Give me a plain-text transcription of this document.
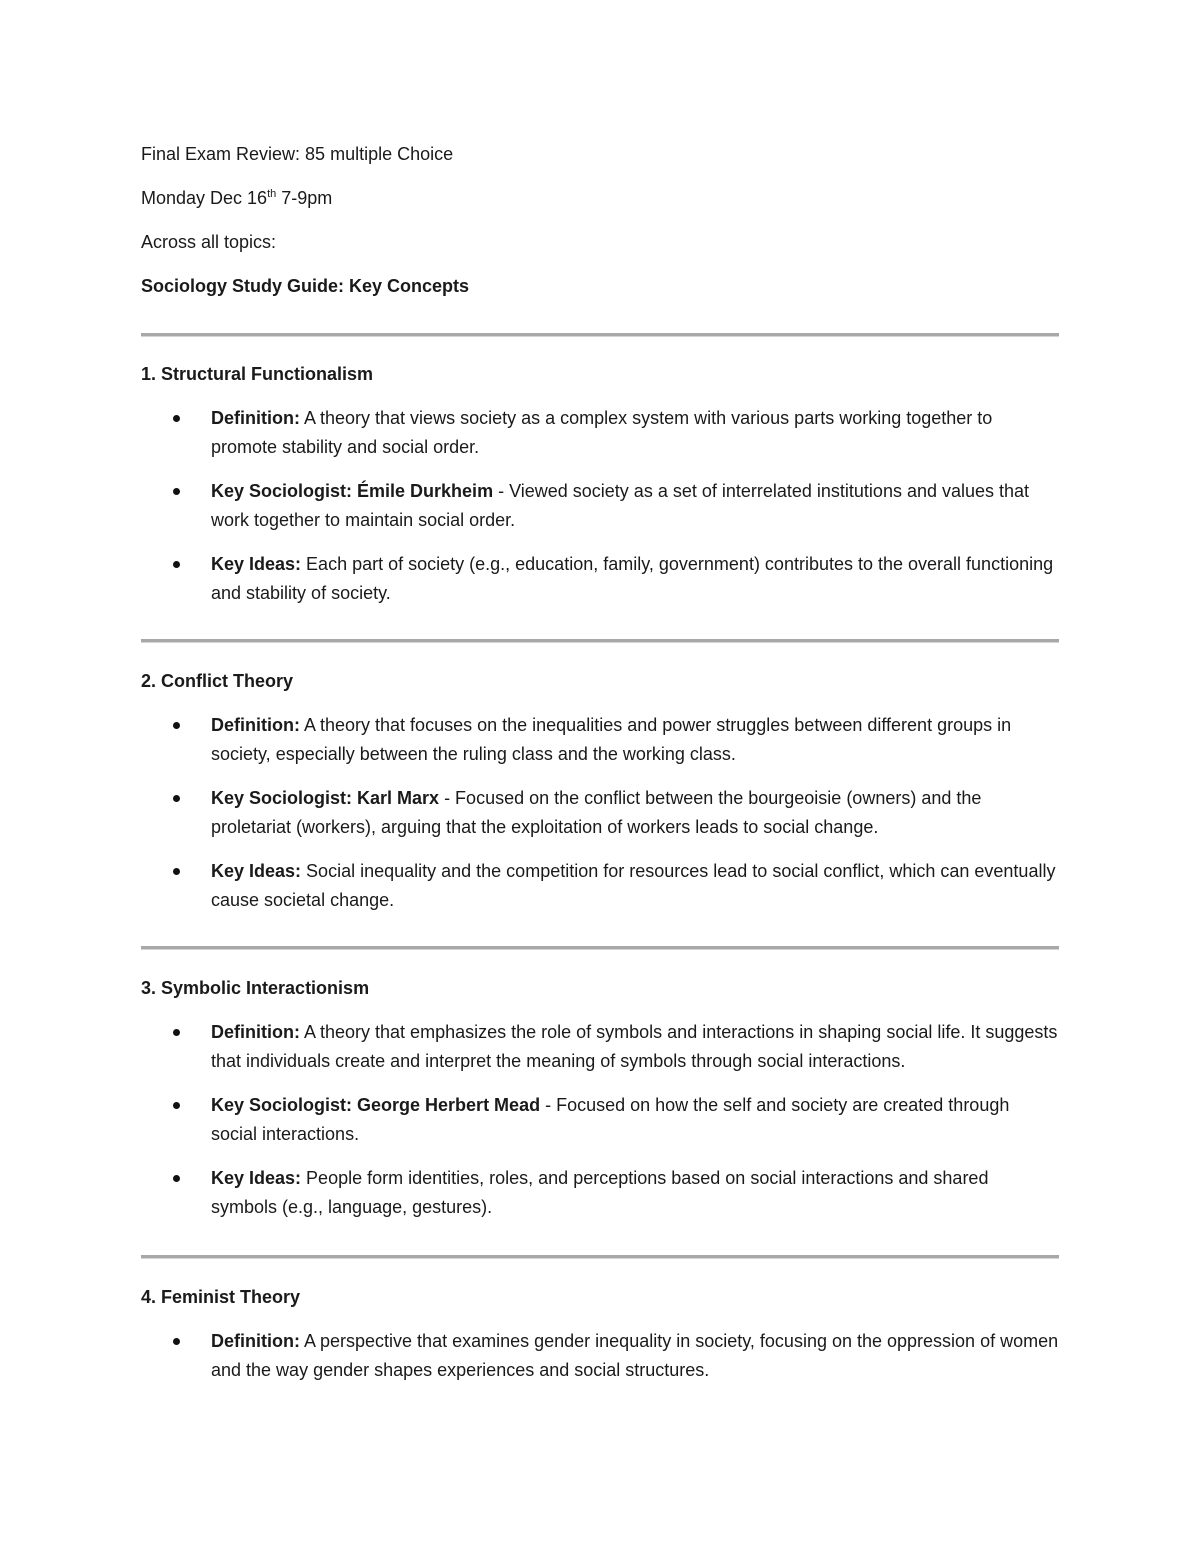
Final Exam Review: 85 multiple Choice

Monday Dec 16th 7-9pm

Across all topics:

Sociology Study Guide: Key Concepts

1. Structural Functionalism

Definition: A theory that views society as a complex system with various parts working together to promote stability and social order.
Key Sociologist: Émile Durkheim - Viewed society as a set of interrelated institutions and values that work together to maintain social order.
Key Ideas: Each part of society (e.g., education, family, government) contributes to the overall functioning and stability of society.

2. Conflict Theory

Definition: A theory that focuses on the inequalities and power struggles between different groups in society, especially between the ruling class and the working class.
Key Sociologist: Karl Marx - Focused on the conflict between the bourgeoisie (owners) and the proletariat (workers), arguing that the exploitation of workers leads to social change.
Key Ideas: Social inequality and the competition for resources lead to social conflict, which can eventually cause societal change.

3. Symbolic Interactionism

Definition: A theory that emphasizes the role of symbols and interactions in shaping social life. It suggests that individuals create and interpret the meaning of symbols through social interactions.
Key Sociologist: George Herbert Mead - Focused on how the self and society are created through social interactions.
Key Ideas: People form identities, roles, and perceptions based on social interactions and shared symbols (e.g., language, gestures).

4. Feminist Theory

Definition: A perspective that examines gender inequality in society, focusing on the oppression of women and the way gender shapes experiences and social structures.
